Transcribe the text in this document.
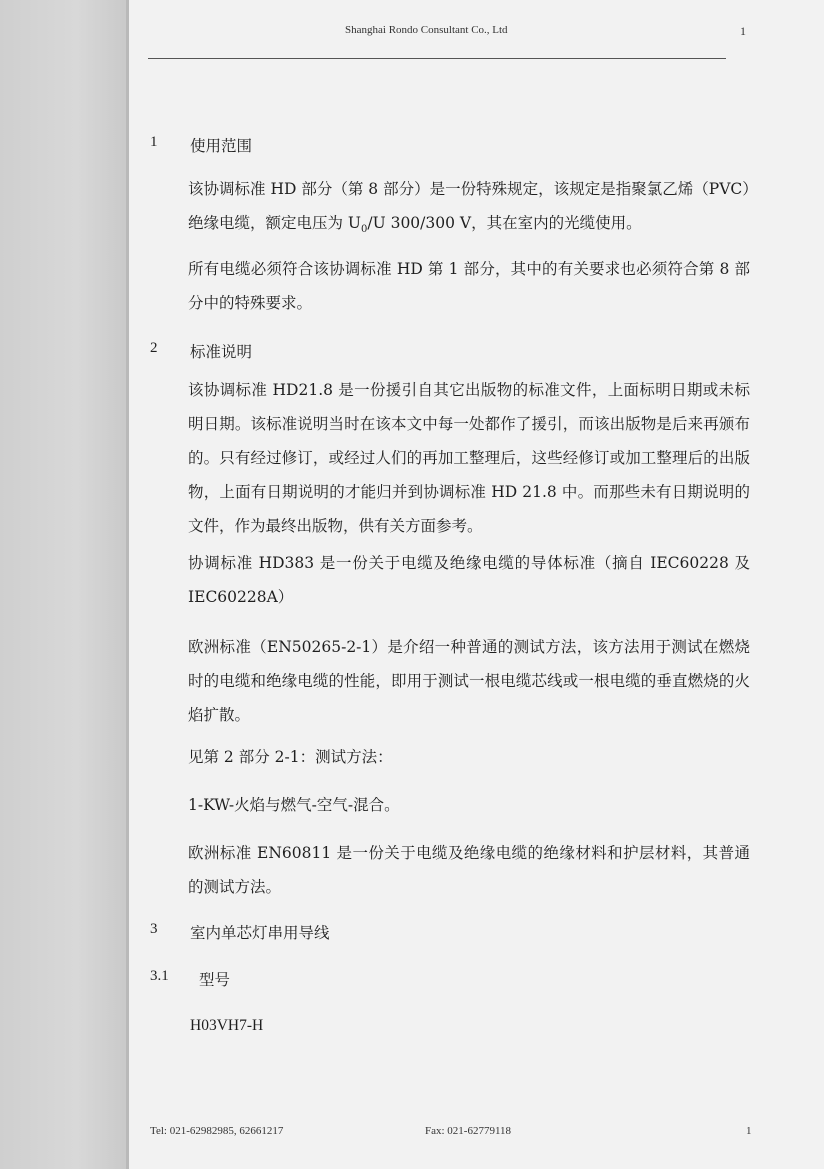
Shanghai Rondo Consultant Co., Ltd	1
1 使用范围

该协调标准 HD 部分（第 8 部分）是一份特殊规定，该规定是指聚氯乙烯（PVC）绝缘电缆，额定电压为 $U_0/U$ 300/300 V，其在室内的光缆使用。

所有电缆必须符合该协调标准 HD 第 1 部分，其中的有关要求也必须符合第 8 部分中的特殊要求。

2 标准说明

该协调标准 HD21.8 是一份援引自其它出版物的标准文件，上面标明日期或未标明日期。该标准说明当时在该本文中每一处都作了援引，而该出版物是后来再颁布的。只有经过修订，或经过人们的再加工整理后，这些经修订或加工整理后的出版物，上面有日期说明的才能归并到协调标准 HD 21.8 中。而那些未有日期说明的文件，作为最终出版物，供有关方面参考。

协调标准 HD383 是一份关于电缆及绝缘电缆的导体标准（摘自 IEC60228 及 IEC60228A）

欧洲标准（EN50265-2-1）是介绍一种普通的测试方法，该方法用于测试在燃烧时的电缆和绝缘电缆的性能，即用于测试一根电缆芯线或一根电缆的垂直燃烧的火焰扩散。

见第 2 部分 2-1：测试方法：

1-KW-火焰与燃气-空气-混合。

欧洲标准 EN60811 是一份关于电缆及绝缘电缆的绝缘材料和护层材料，其普通的测试方法。

3 室内单芯灯串用导线
3.1 型号
H03VH7-H
Tel: 021-62982985, 62661217	Fax: 021-62779118	1
